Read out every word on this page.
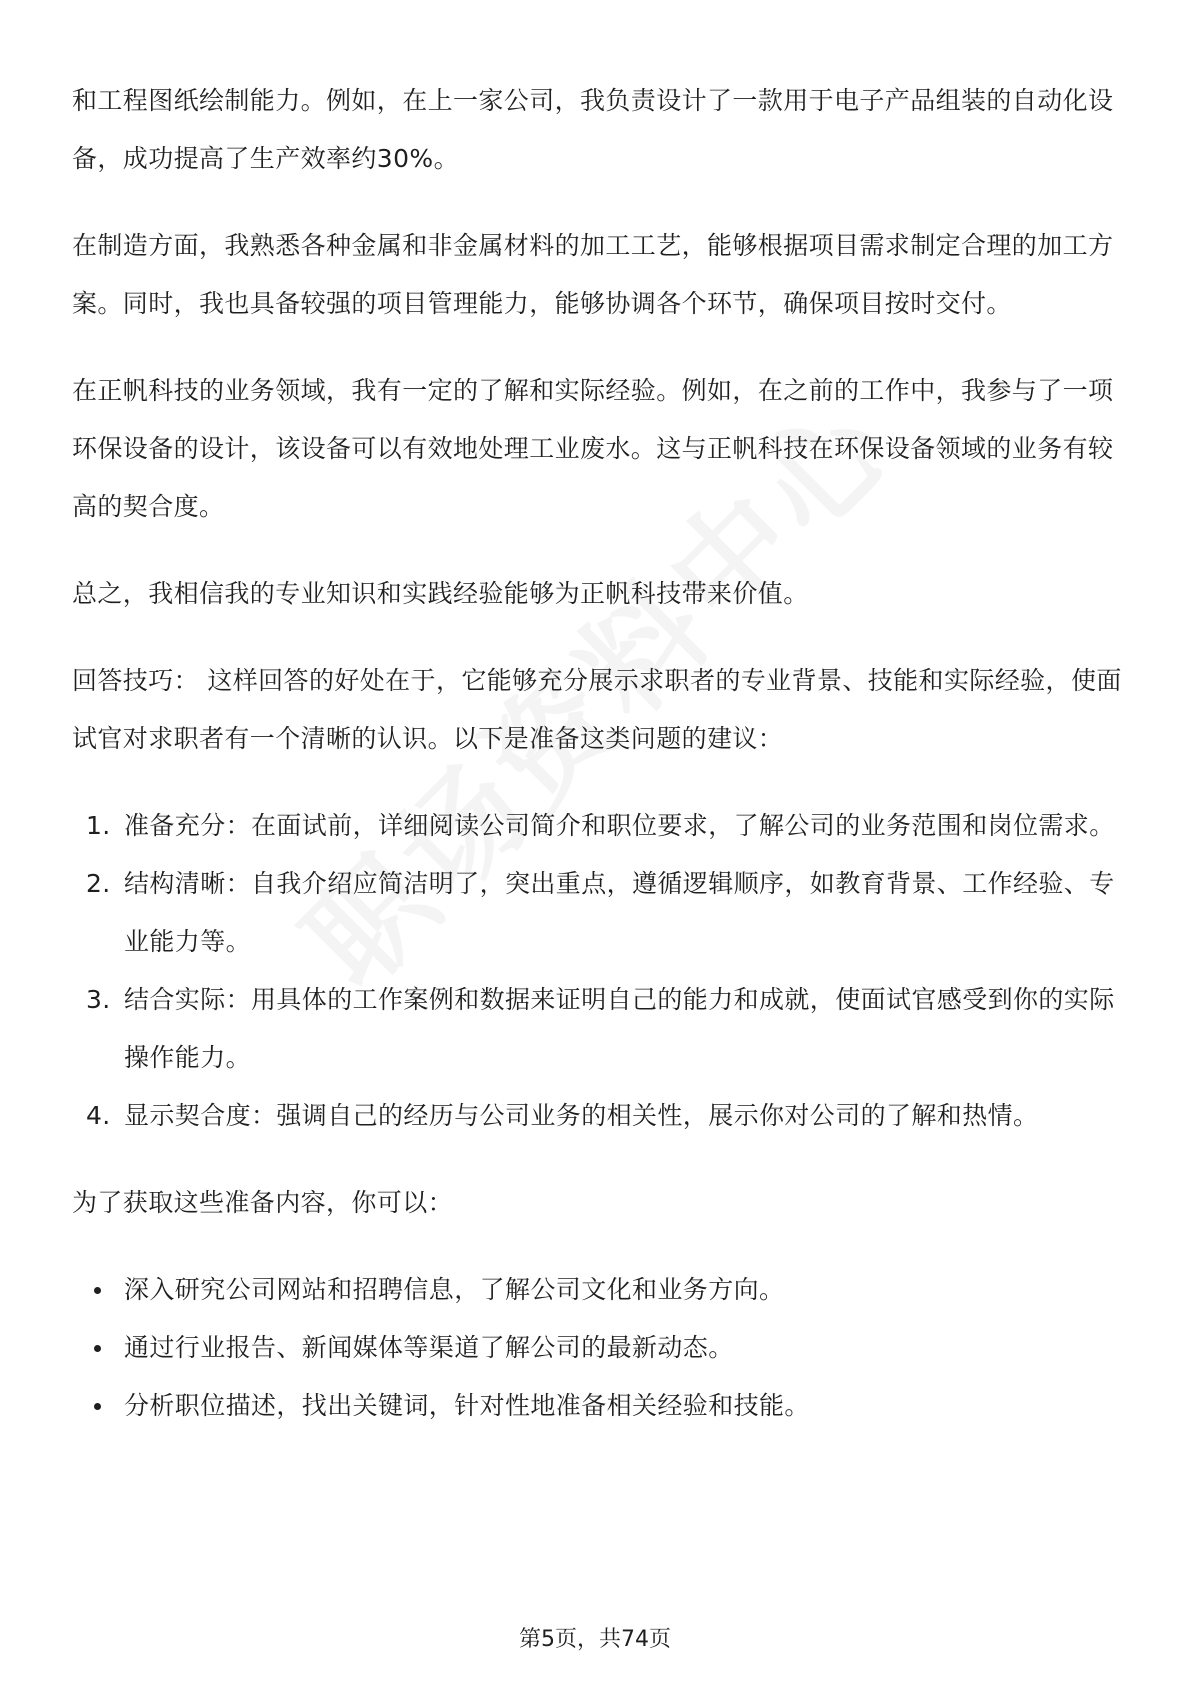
和工程图纸绘制能力。例如，在上一家公司，我负责设计了一款用于电子产品组装的自动化设备，成功提高了生产效率约30%。

在制造方面，我熟悉各种金属和非金属材料的加工工艺，能够根据项目需求制定合理的加工方案。同时，我也具备较强的项目管理能力，能够协调各个环节，确保项目按时交付。

在正帆科技的业务领域，我有一定的了解和实际经验。例如，在之前的工作中，我参与了一项环保设备的设计，该设备可以有效地处理工业废水。这与正帆科技在环保设备领域的业务有较高的契合度。

总之，我相信我的专业知识和实践经验能够为正帆科技带来价值。

回答技巧： 这样回答的好处在于，它能够充分展示求职者的专业背景、技能和实际经验，使面试官对求职者有一个清晰的认识。以下是准备这类问题的建议：

1. 准备充分：在面试前，详细阅读公司简介和职位要求，了解公司的业务范围和岗位需求。
2. 结构清晰：自我介绍应简洁明了，突出重点，遵循逻辑顺序，如教育背景、工作经验、专业能力等。
3. 结合实际：用具体的工作案例和数据来证明自己的能力和成就，使面试官感受到你的实际操作能力。
4. 显示契合度：强调自己的经历与公司业务的相关性，展示你对公司的了解和热情。

为了获取这些准备内容，你可以：

深入研究公司网站和招聘信息，了解公司文化和业务方向。
通过行业报告、新闻媒体等渠道了解公司的最新动态。
分析职位描述，找出关键词，针对性地准备相关经验和技能。
第5页，共74页
